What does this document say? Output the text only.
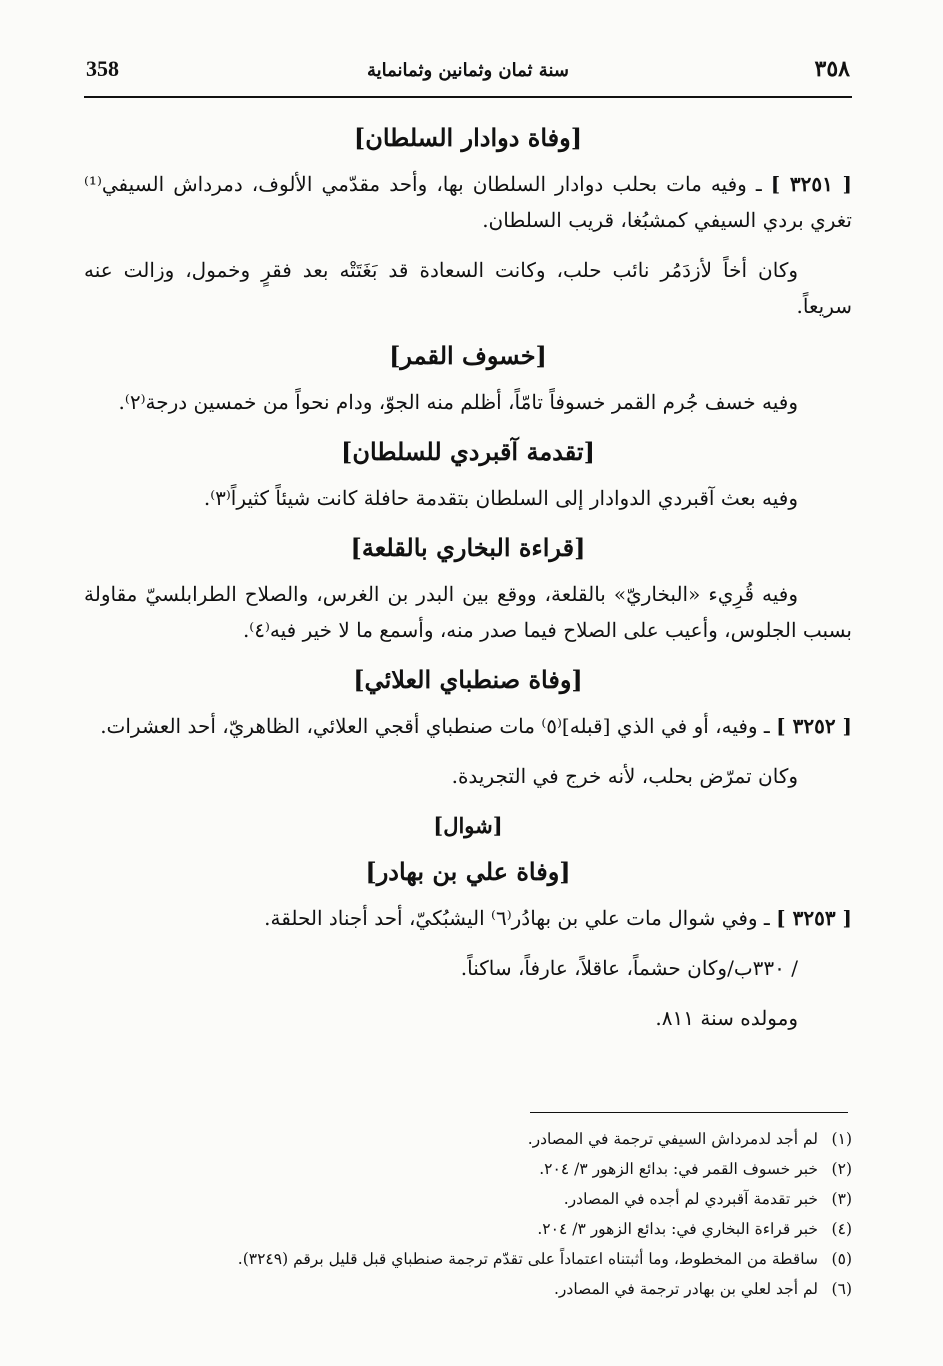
358	سنة ثمان وثمانين وثمانماية	٣٥٨
[وفاة دوادار السلطان]
[ ٣٢٥١ ] ـ وفيه مات بحلب دوادار السلطان بها، وأحد مقدّمي الألوف، دمرداش السيفي⁽¹⁾ تغري بردي السيفي كمشبُغا، قريب السلطان.
وكان أخاً لأزدَمُر نائب حلب، وكانت السعادة قد بَغَتَتْه بعد فقرٍ وخمول، وزالت عنه سريعاً.
[خسوف القمر]
وفيه خسف جُرم القمر خسوفاً تامّاً، أظلم منه الجوّ، ودام نحواً من خمسين درجة⁽٢⁾.
[تقدمة آقبردي للسلطان]
وفيه بعث آقبردي الدوادار إلى السلطان بتقدمة حافلة كانت شيئاً كثيراً⁽٣⁾.
[قراءة البخاري بالقلعة]
وفيه قُرِيء «البخاريّ» بالقلعة، ووقع بين البدر بن الغرس، والصلاح الطرابلسيّ مقاولة بسبب الجلوس، وأعيب على الصلاح فيما صدر منه، وأسمع ما لا خير فيه⁽٤⁾.
[وفاة صنطباي العلائي]
[ ٣٢٥٢ ] ـ وفيه، أو في الذي [قبله]⁽٥⁾ مات صنطباي أقجي العلائي، الظاهريّ، أحد العشرات.
وكان تمرّض بحلب، لأنه خرج في التجريدة.
[شوال]
[وفاة علي بن بهادر]
[ ٣٢٥٣ ] ـ وفي شوال مات علي بن بهادُر⁽٦⁾ اليشبُكيّ، أحد أجناد الحلقة.
/ ٣٣٠ب/وكان حشماً، عاقلاً، عارفاً، ساكناً.
ومولده سنة ٨١١.
(١)لم أجد لدمرداش السيفي ترجمة في المصادر.
(٢)خبر خسوف القمر في: بدائع الزهور ٣/ ٢٠٤.
(٣)خبر تقدمة آقبردي لم أجده في المصادر.
(٤)خبر قراءة البخاري في: بدائع الزهور ٣/ ٢٠٤.
(٥)ساقطة من المخطوط، وما أثبتناه اعتماداً على تقدّم ترجمة صنطباي قبل قليل برقم (٣٢٤٩).
(٦)لم أجد لعلي بن بهادر ترجمة في المصادر.
